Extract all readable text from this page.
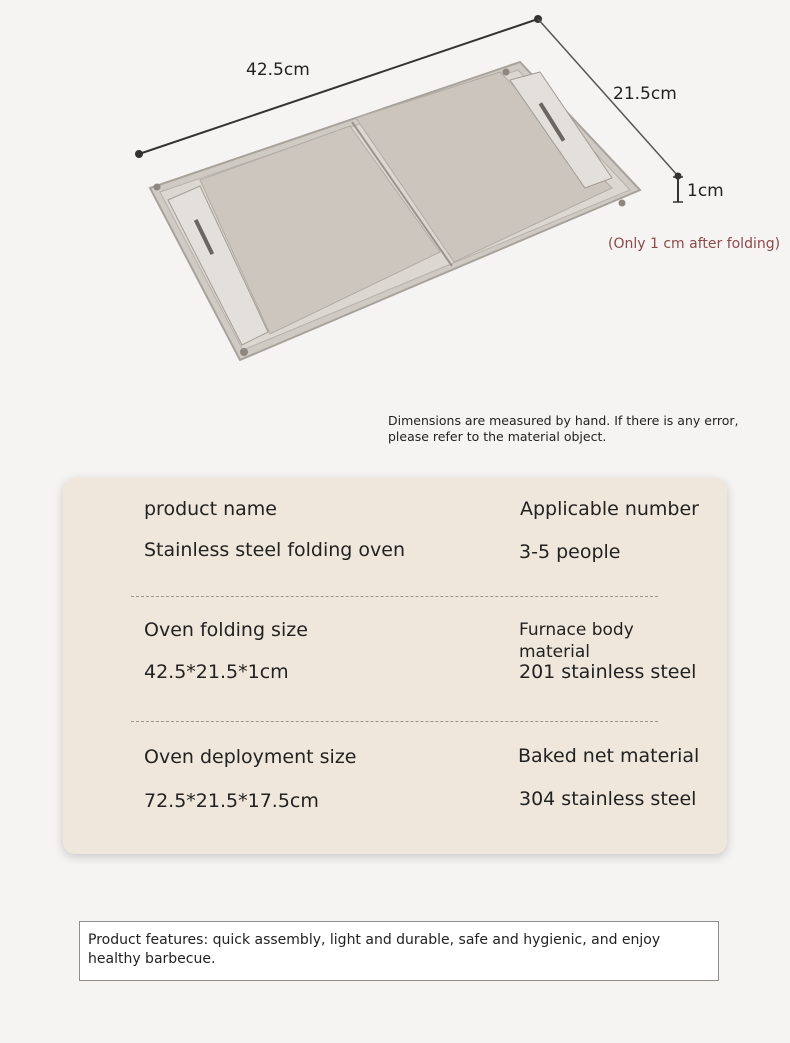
42.5cm
21.5cm
1cm
(Only 1 cm after folding)
Dimensions are measured by hand. If there is any error,
please refer to the material object.
product name	Applicable number
Stainless steel folding oven	3-5 people
Oven folding size	Furnace body material
42.5*21.5*1cm	201 stainless steel
Oven deployment size	Baked net material
72.5*21.5*17.5cm	304 stainless steel
Product features: quick assembly, light and durable, safe and hygienic, and enjoy healthy barbecue.
